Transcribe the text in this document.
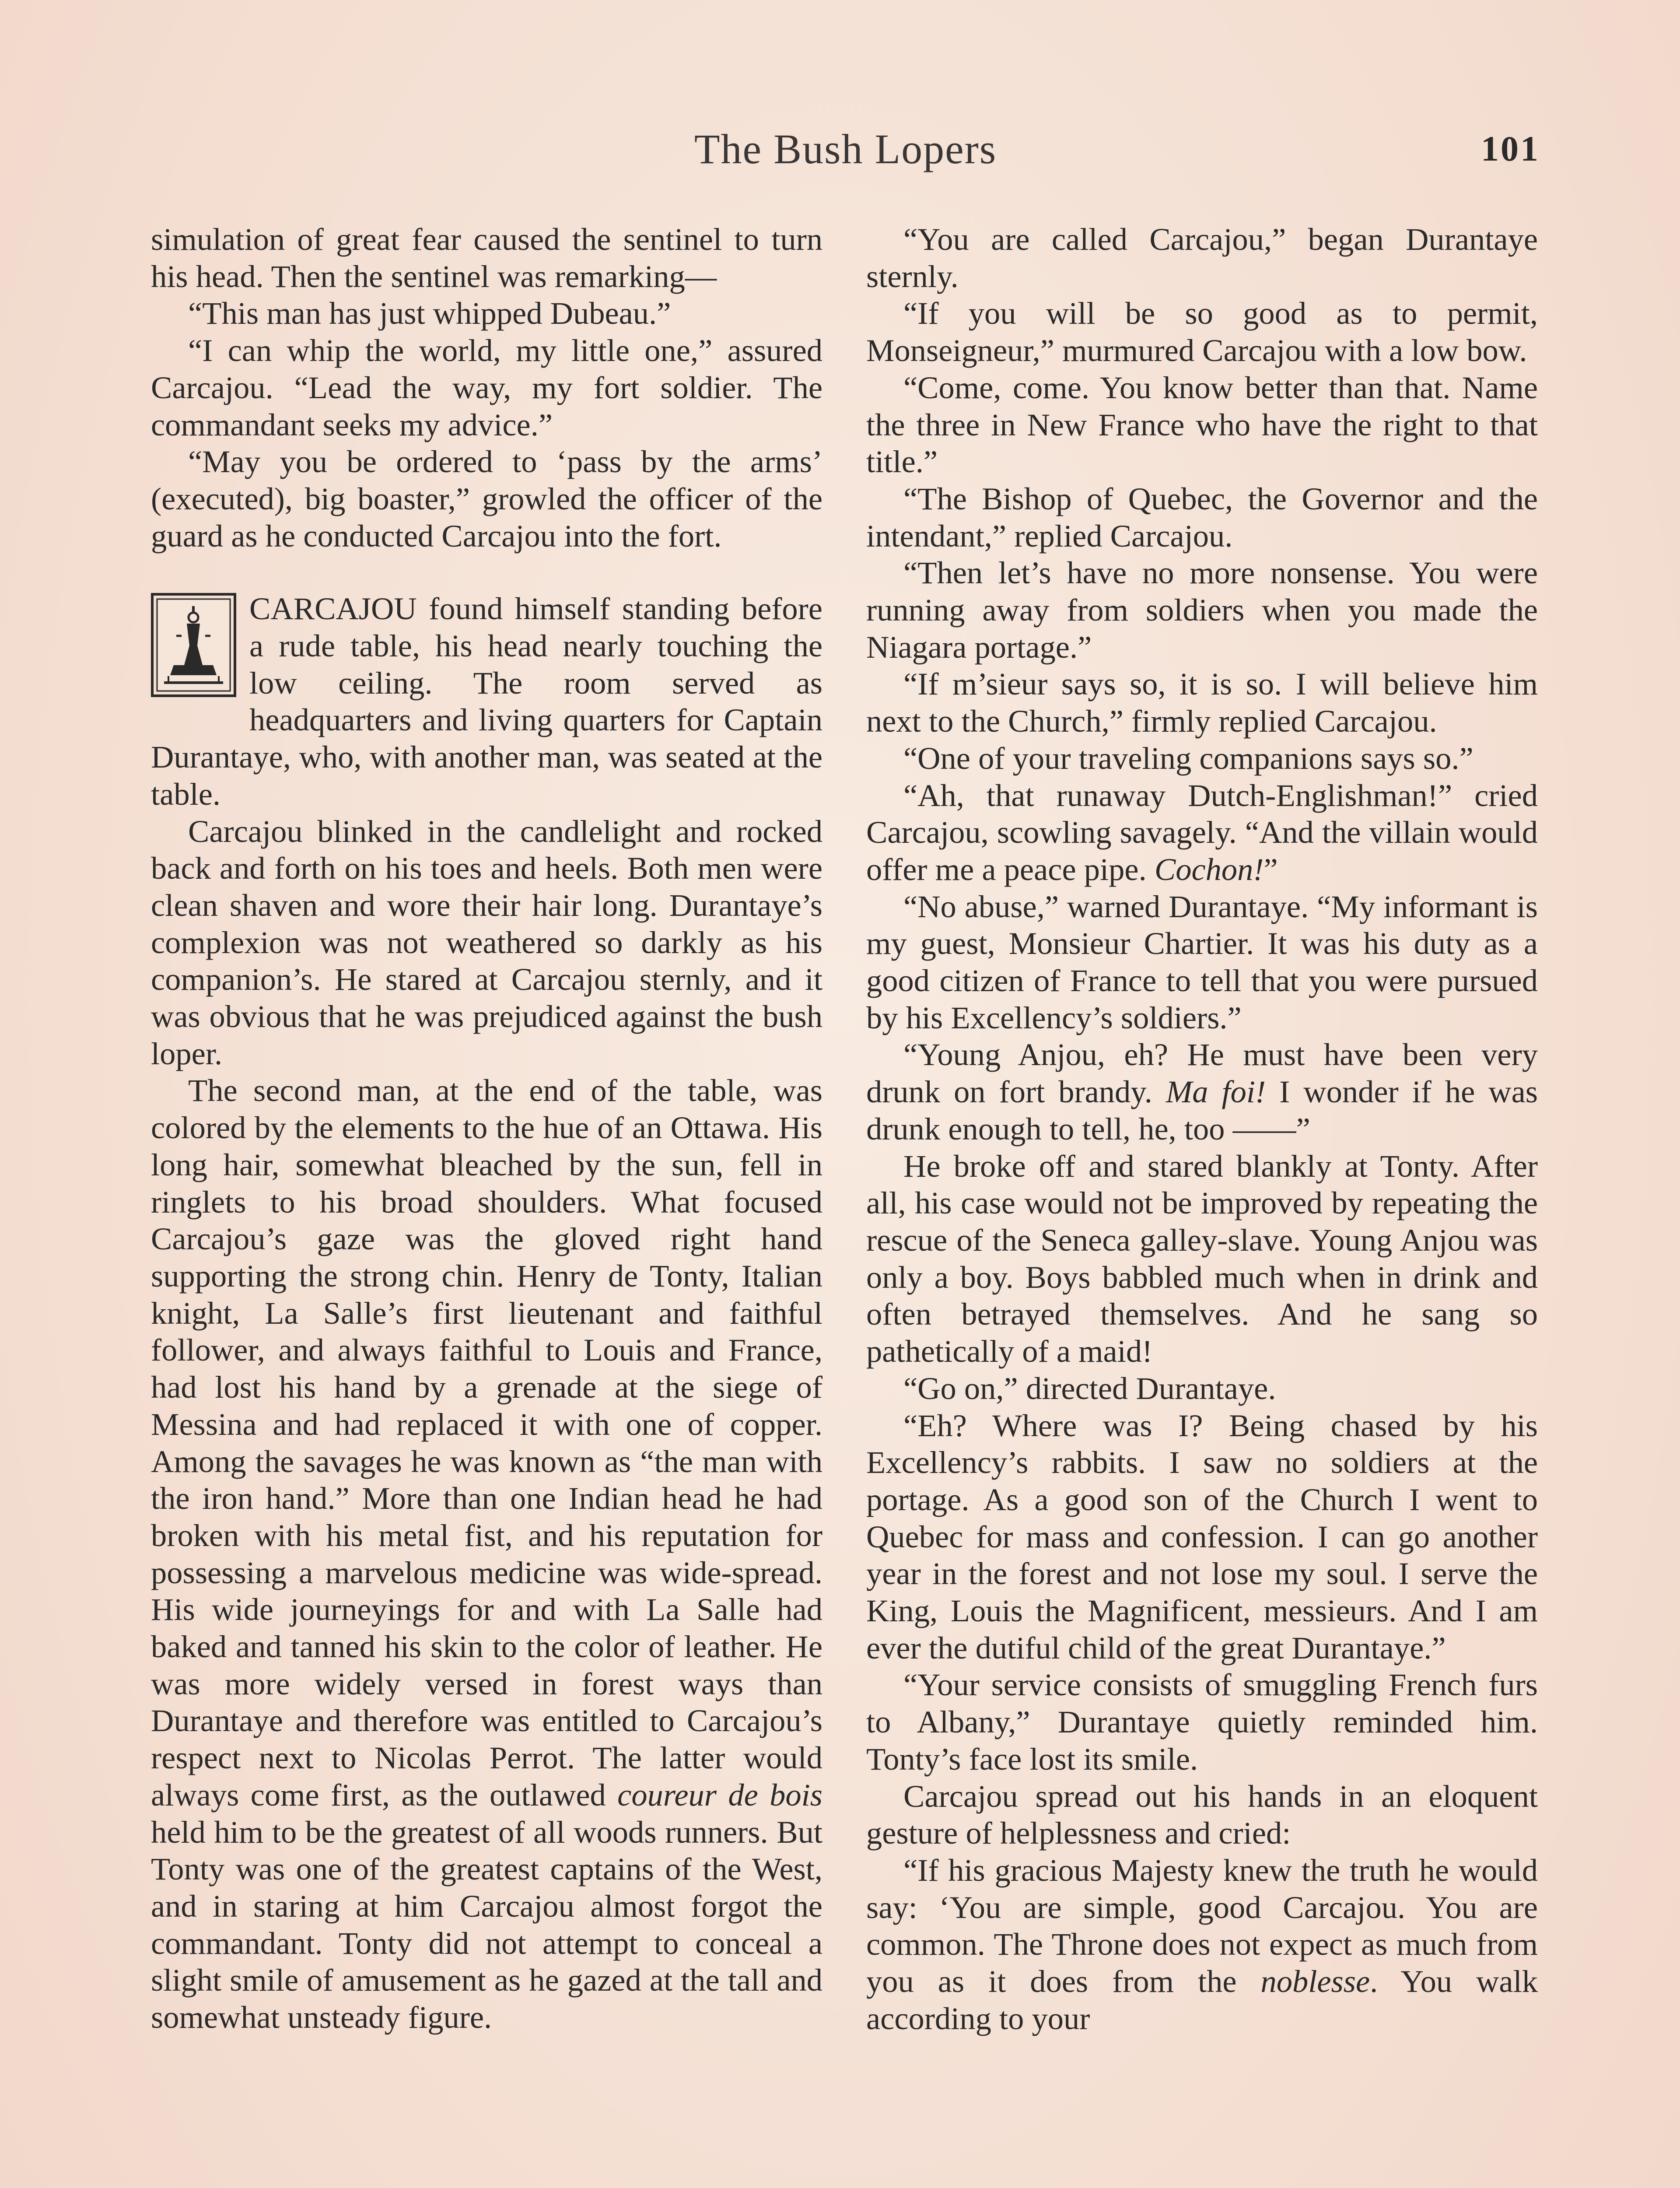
The Bush Lopers	101

simulation of great fear caused the sentinel to turn his head. Then the sentinel was remarking—

“This man has just whipped Dubeau.”

“I can whip the world, my little one,” assured Carcajou. “Lead the way, my fort soldier. The commandant seeks my advice.”

“May you be ordered to ‘pass by the arms’ (executed), big boaster,” growled the officer of the guard as he conducted Carcajou into the fort.

CARCAJOU found himself standing before a rude table, his head nearly touching the low ceiling. The room served as headquarters and living quarters for Captain Durantaye, who, with another man, was seated at the table.

Carcajou blinked in the candlelight and rocked back and forth on his toes and heels. Both men were clean shaven and wore their hair long. Durantaye’s complexion was not weathered so darkly as his companion’s. He stared at Carcajou sternly, and it was obvious that he was prejudiced against the bush loper.

The second man, at the end of the table, was colored by the elements to the hue of an Ottawa. His long hair, somewhat bleached by the sun, fell in ringlets to his broad shoulders. What focused Carcajou’s gaze was the gloved right hand supporting the strong chin. Henry de Tonty, Italian knight, La Salle’s first lieutenant and faithful follower, and always faithful to Louis and France, had lost his hand by a grenade at the siege of Messina and had replaced it with one of copper. Among the savages he was known as “the man with the iron hand.” More than one Indian head he had broken with his metal fist, and his reputation for possessing a marvelous medicine was wide-spread. His wide journeyings for and with La Salle had baked and tanned his skin to the color of leather. He was more widely versed in forest ways than Durantaye and therefore was entitled to Carcajou’s respect next to Nicolas Perrot. The latter would always come first, as the outlawed coureur de bois held him to be the greatest of all woods runners. But Tonty was one of the greatest captains of the West, and in staring at him Carcajou almost forgot the commandant. Tonty did not attempt to conceal a slight smile of amusement as he gazed at the tall and somewhat unsteady figure.

“You are called Carcajou,” began Durantaye sternly.

“If you will be so good as to permit, Monseigneur,” murmured Carcajou with a low bow.

“Come, come. You know better than that. Name the three in New France who have the right to that title.”

“The Bishop of Quebec, the Governor and the intendant,” replied Carcajou.

“Then let’s have no more nonsense. You were running away from soldiers when you made the Niagara portage.”

“If m’sieur says so, it is so. I will believe him next to the Church,” firmly replied Carcajou.

“One of your traveling companions says so.”

“Ah, that runaway Dutch-Englishman!” cried Carcajou, scowling savagely. “And the villain would offer me a peace pipe. Cochon!”

“No abuse,” warned Durantaye. “My informant is my guest, Monsieur Chartier. It was his duty as a good citizen of France to tell that you were pursued by his Excellency’s soldiers.”

“Young Anjou, eh? He must have been very drunk on fort brandy. Ma foi! I wonder if he was drunk enough to tell, he, too ——”

He broke off and stared blankly at Tonty. After all, his case would not be improved by repeating the rescue of the Seneca galley-slave. Young Anjou was only a boy. Boys babbled much when in drink and often betrayed themselves. And he sang so pathetically of a maid!

“Go on,” directed Durantaye.

“Eh? Where was I? Being chased by his Excellency’s rabbits. I saw no soldiers at the portage. As a good son of the Church I went to Quebec for mass and confession. I can go another year in the forest and not lose my soul. I serve the King, Louis the Magnificent, messieurs. And I am ever the dutiful child of the great Durantaye.”

“Your service consists of smuggling French furs to Albany,” Durantaye quietly reminded him. Tonty’s face lost its smile.

Carcajou spread out his hands in an eloquent gesture of helplessness and cried:

“If his gracious Majesty knew the truth he would say: ‘You are simple, good Carcajou. You are common. The Throne does not expect as much from you as it does from the noblesse. You walk according to your
